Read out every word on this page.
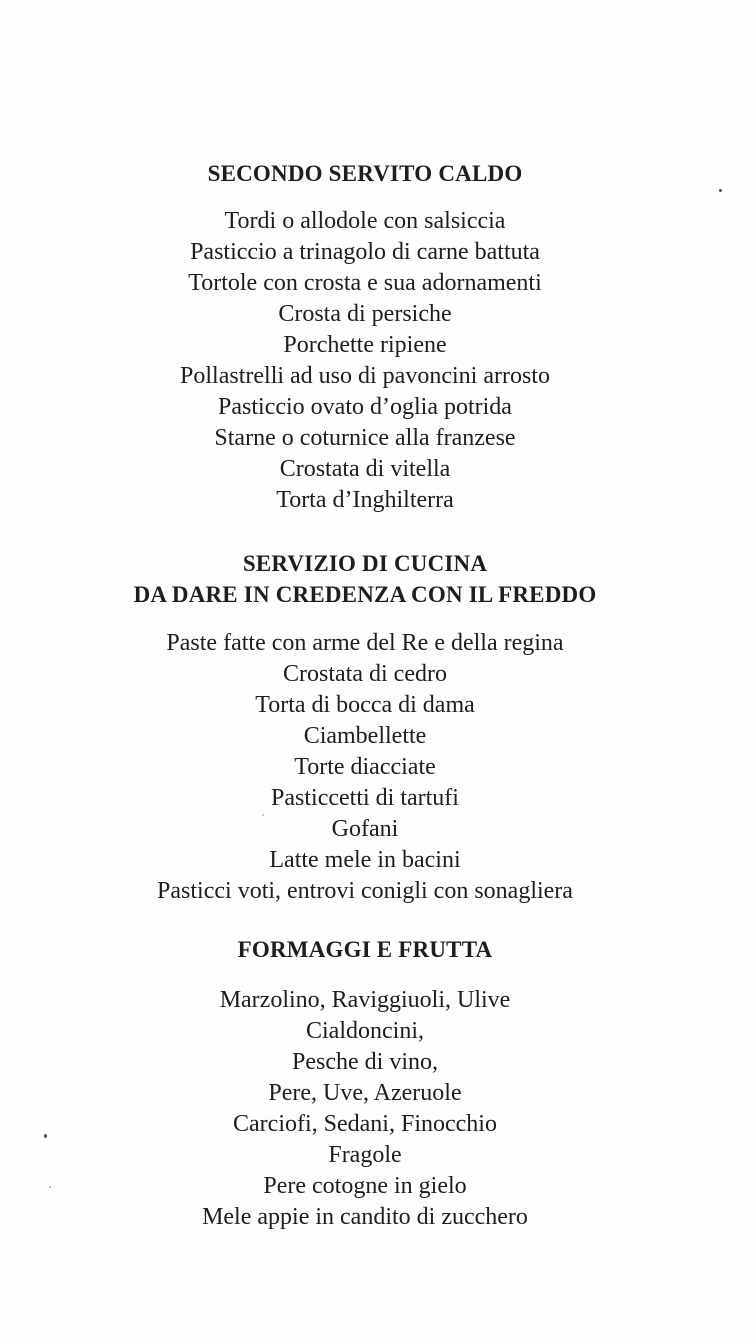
SECONDO SERVITO CALDO
Tordi o allodole con salsiccia
Pasticcio a trinagolo di carne battuta
Tortole con crosta e sua adornamenti
Crosta di persiche
Porchette ripiene
Pollastrelli ad uso di pavoncini arrosto
Pasticcio ovato d’oglia potrida
Starne o coturnice alla franzese
Crostata di vitella
Torta d’Inghilterra
SERVIZIO DI CUCINA
DA DARE IN CREDENZA CON IL FREDDO
Paste fatte con arme del Re e della regina
Crostata di cedro
Torta di bocca di dama
Ciambellette
Torte diacciate
Pasticcetti di tartufi
Gofani
Latte mele in bacini
Pasticci voti, entrovi conigli con sonagliera
FORMAGGI E FRUTTA
Marzolino, Raviggiuoli, Ulive
Cialdoncini,
Pesche di vino,
Pere, Uve, Azeruole
Carciofi, Sedani, Finocchio
Fragole
Pere cotogne in gielo
Mele appie in candito di zucchero
